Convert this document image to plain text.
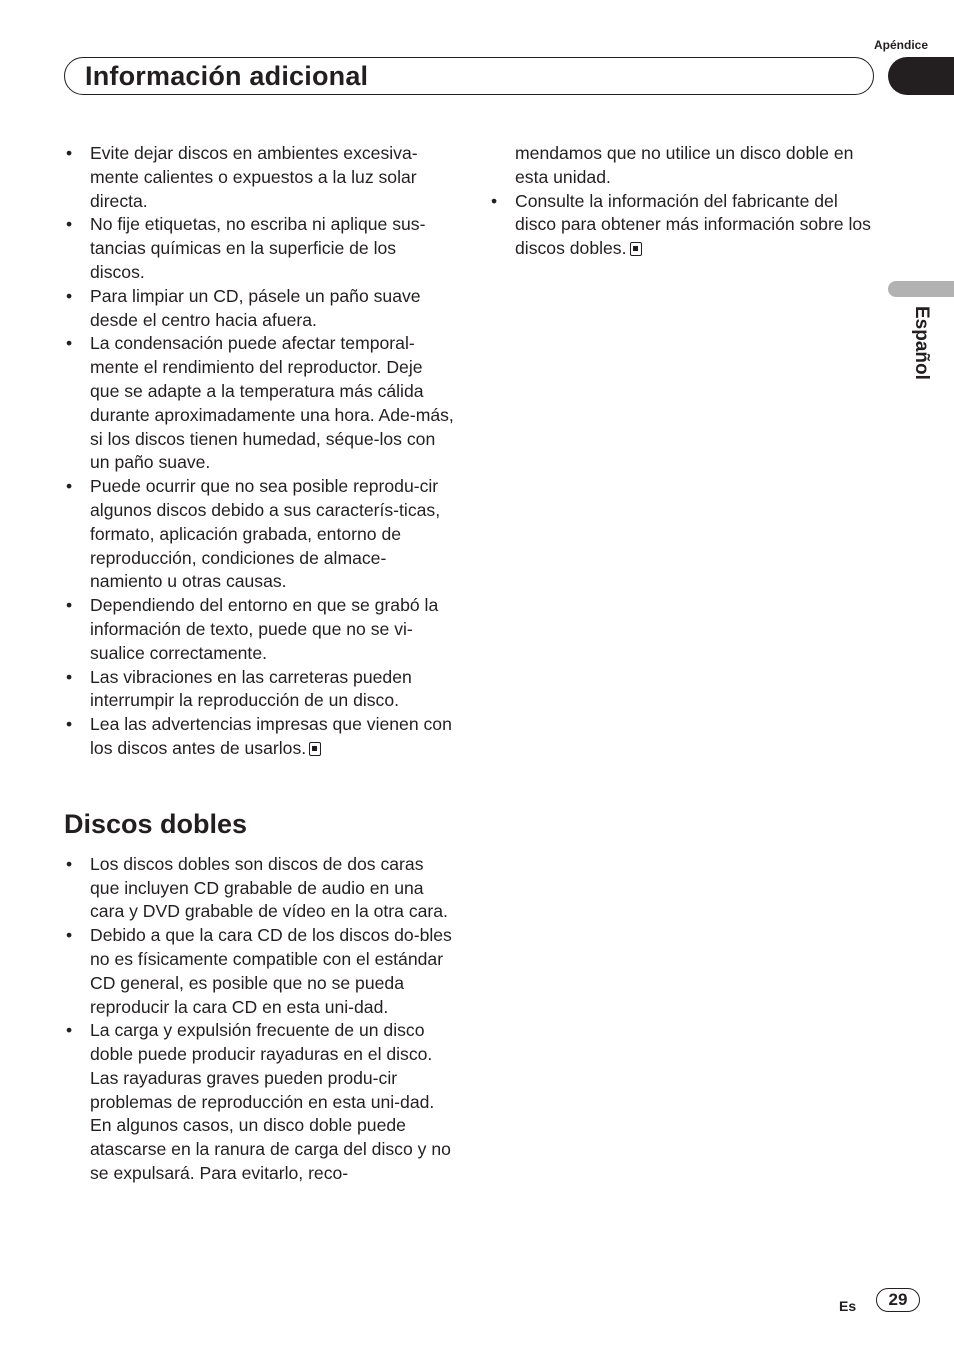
Apéndice
Información adicional
Español
• Evite dejar discos en ambientes excesiva-mente calientes o expuestos a la luz solar directa.
• No fije etiquetas, no escriba ni aplique sus-tancias químicas en la superficie de los discos.
• Para limpiar un CD, pásele un paño suave desde el centro hacia afuera.
• La condensación puede afectar temporal-mente el rendimiento del reproductor. Deje que se adapte a la temperatura más cálida durante aproximadamente una hora. Ade-más, si los discos tienen humedad, séque-los con un paño suave.
• Puede ocurrir que no sea posible reprodu-cir algunos discos debido a sus caracterís-ticas, formato, aplicación grabada, entorno de reproducción, condiciones de almace-namiento u otras causas.
• Dependiendo del entorno en que se grabó la información de texto, puede que no se vi-sualice correctamente.
• Las vibraciones en las carreteras pueden interrumpir la reproducción de un disco.
• Lea las advertencias impresas que vienen con los discos antes de usarlos.
Discos dobles
• Los discos dobles son discos de dos caras que incluyen CD grabable de audio en una cara y DVD grabable de vídeo en la otra cara.
• Debido a que la cara CD de los discos do-bles no es físicamente compatible con el estándar CD general, es posible que no se pueda reproducir la cara CD en esta uni-dad.
• La carga y expulsión frecuente de un disco doble puede producir rayaduras en el disco. Las rayaduras graves pueden produ-cir problemas de reproducción en esta uni-dad. En algunos casos, un disco doble puede atascarse en la ranura de carga del disco y no se expulsará. Para evitarlo, reco-
mendamos que no utilice un disco doble en esta unidad.
• Consulte la información del fabricante del disco para obtener más información sobre los discos dobles.
Es	29
